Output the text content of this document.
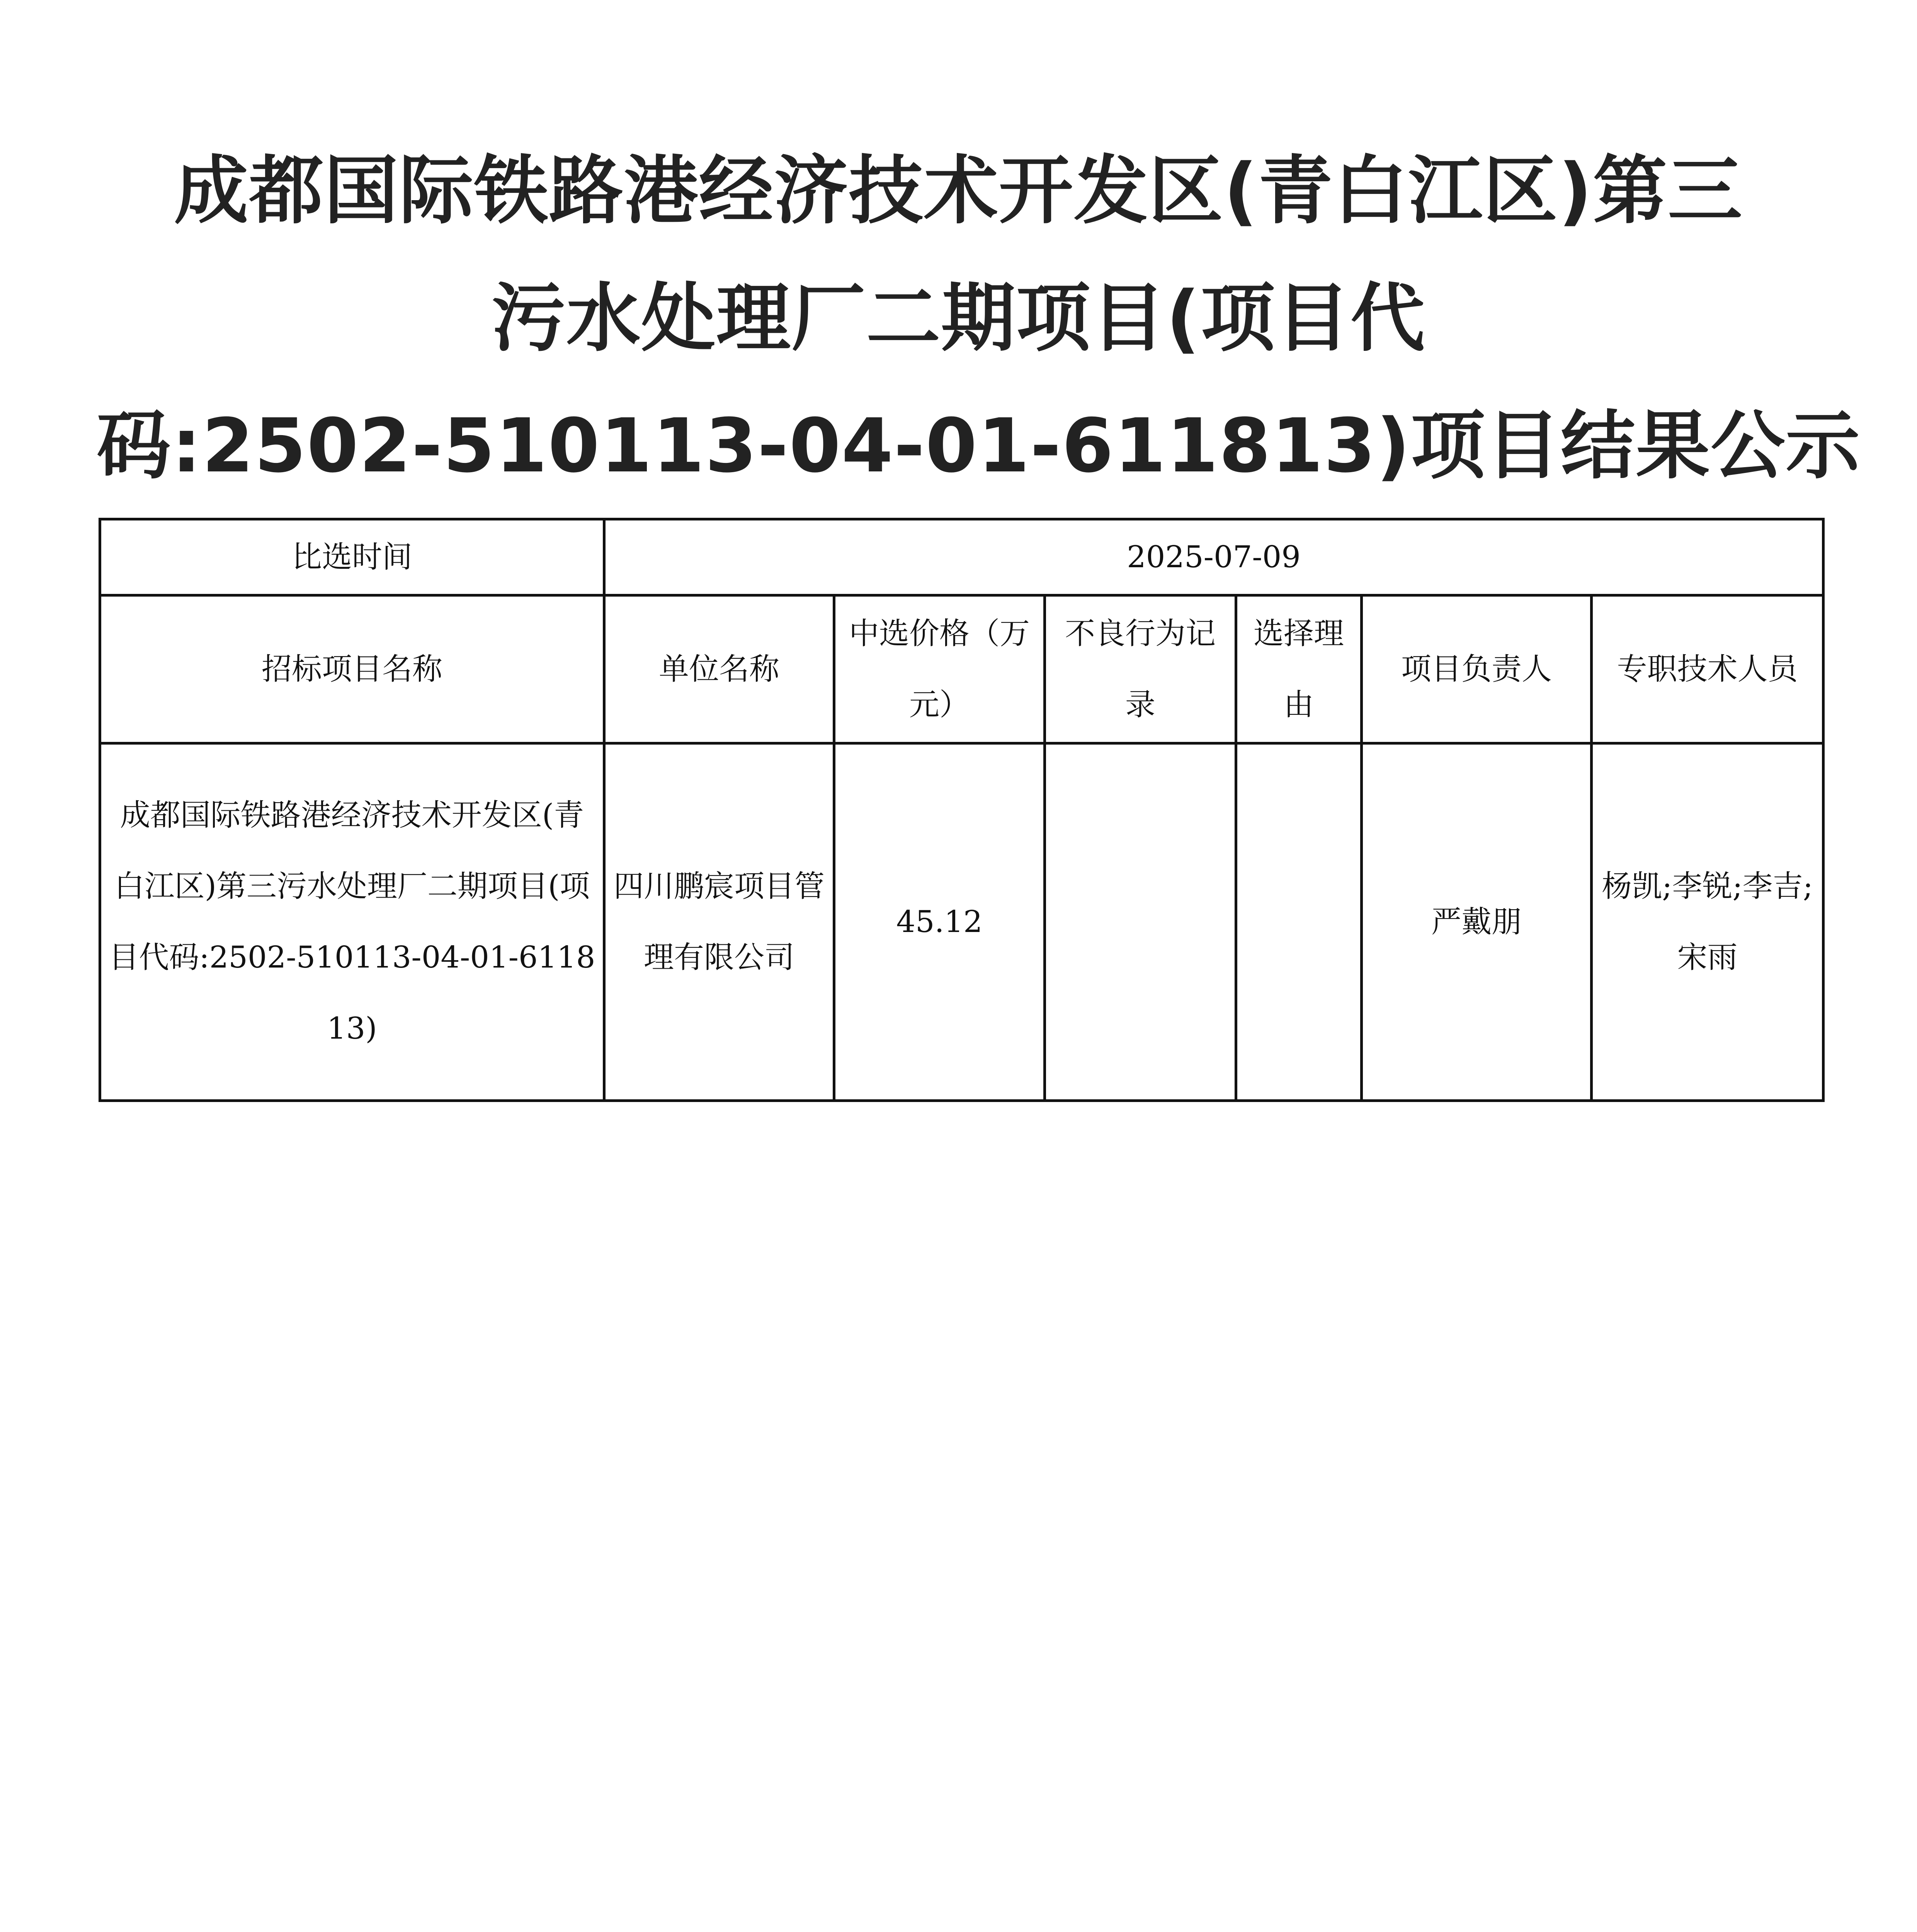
成都国际铁路港经济技术开发区(青白江区)第三
污水处理厂二期项目(项目代
码:2502-510113-04-01-611813)项目结果公示
比选时间	2025-07-09					

招标项目名称	单位名称	中选价格（万元）	不良行为记录	选择理由	项目负责人	专职技术人员

成都国际铁路港经济技术开发区(青白江区)第三污水处理厂二期项目(项目代码:2502-510113-04-01-611813)	四川鹏宸项目管理有限公司	45.12			严戴朋	杨凯;李锐;李吉;宋雨
